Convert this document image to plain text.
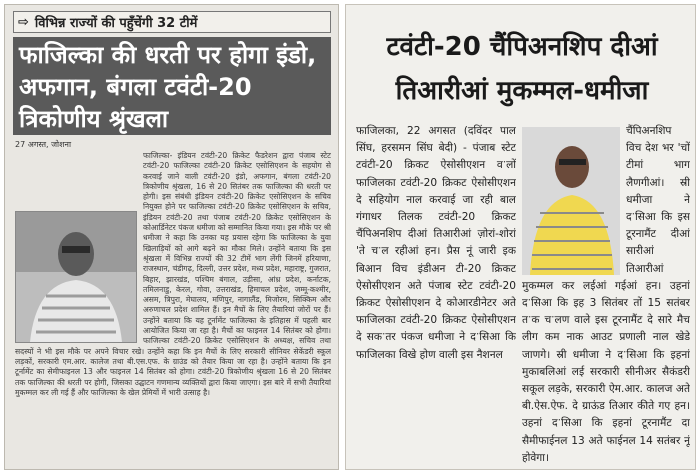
⇨ विभिन्न राज्यों की पहुँचेंगी 32 टीमें
फाजिल्का की धरती पर होगा इंडो, अफगान, बंगला टवंटी-20 त्रिकोणीय श्रृंखला
27 अगस्त, जोशना
फाजिल्का- इंडियन टवंटी-20 क्रिकेट फैडरेशन द्वारा पंजाब स्टेट टवंटी-20 फाजिल्का टवंटी-20 क्रिकेट एसोसिएशन के सहयोग से करवाई जाने वाली टवंटी-20 इंडो, अफगान, बंगला टवंटी-20 त्रिकोणीय श्रृंखला, 16 से 20 सितंबर तक फाजिल्का की धरती पर होगी। इस संबंधी इंडियन टवंटी-20 क्रिकेट एसोसिएशन के सचिव नियुक्त होने पर फाजिल्का टवंटी-20 क्रिकेट एसोसिएशन के सचिव, इंडियन टवंटी-20 तथा पंजाब टवंटी-20 क्रिकेट एसोसिएशन के कोआर्डिनेटर पंकज धमीजा को सम्मानित किया गया। इस मौके पर श्री धमीजा ने कहा कि उनका यह प्रयास रहेगा कि फाजिल्का के युवा खिलाड़ियों को आगे बढ़ने का मौका मिले। उन्होंने बताया कि इस श्रृंखला में विभिन्न राज्यों की 32 टीमें भाग लेंगी जिनमें हरियाणा, राजस्थान, चंडीगढ़, दिल्ली, उत्तर प्रदेश, मध्य प्रदेश, महाराष्ट्र, गुजरात, बिहार, झारखंड, पश्चिम बंगाल, उड़ीसा, आंध्र प्रदेश, कर्नाटक, तमिलनाडु, केरल, गोवा, उत्तराखंड, हिमाचल प्रदेश, जम्मू-कश्मीर, असम, त्रिपुरा, मेघालय, मणिपुर, नागालैंड, मिजोरम, सिक्किम और अरुणाचल प्रदेश शामिल हैं। इन मैचों के लिए तैयारियां जोरों पर हैं। उन्होंने बताया कि यह टूर्नामेंट फाजिल्का के इतिहास में पहली बार आयोजित किया जा रहा है। मैचों का फाइनल 14 सितंबर को होगा। फाजिल्का टवंटी-20 क्रिकेट एसोसिएशन के अध्यक्ष, सचिव तथा सदस्यों ने भी इस मौके पर अपने विचार रखे। उन्होंने कहा कि इन मैचों के लिए सरकारी सीनियर सेकेंडरी स्कूल लड़कों, सरकारी एम.आर. कालेज तथा बी.एस.एफ. के ग्राउंड को तैयार किया जा रहा है। उन्होंने बताया कि इन टूर्नामेंट का सेमीफाइनल 13 और फाइनल 14 सितंबर को होगा। टवंटी-20 त्रिकोणीय श्रृंखला 16 से 20 सितंबर तक फाजिल्का की धरती पर होगी, जिसका उद्घाटन गणमान्य व्यक्तियों द्वारा किया जाएगा। इस बारे में सभी तैयारियां मुकम्मल कर ली गई हैं और फाजिल्का के खेल प्रेमियों में भारी उत्साह है।
टवंटी-20 चैंपिअनशिप दीआं
तिआरीआं मुकम्मल-धमीजा
फाजिलका, 22 अगसत (दविंदर पाल सिंघ, हरसमन सिंघ बेदी) - पंजाब स्टेट टवंटी-20 क्रिकट ऐसोसीएशन वॱलों फाजिलका टवंटी-20 क्रिकट ऐसोसीएशन दे सहियोग नाल करवाई जा रही बाल गंगाधर तिलक टवंटी-20 क्रिकट चैंपिअनशिप दीआं तिआरीआं ज़ोरां-शोरां 'ते चॱल रहीआं हन। प्रैस नूं जारी इक बिआन विच इंडीअन टी-20 क्रिकट ऐसोसीएशन अते पंजाब स्टेट टवंटी-20 क्रिकट ऐसोसीएशन दे कोआरडीनेटर अते फाजिलका टवंटी-20 क्रिकट ऐसोसीएशन दे सकॱतर पंकज धमीजा ने दॱसिआ कि फाजिलका विखे होण वाली इस नैशनल
चैंपिअनशिप विच देश भर 'चों टीमां भाग लैणगीआं। स्री धमीजा ने दॱसिआ कि इस टूरनामैंट दीआं सारीआं तिआरीआं मुकम्मल कर लईआं गईआं हन। उहनां दॱसिआ कि इह 3 सितंबर तों 15 सतंबर तॱक चॱलण वाले इस टूरनामैंट दे सारे मैच लीग कम नाक आउट प्रणाली नाल खेडे जाणगे। स्री धमीजा ने दॱसिआ कि इहनां मुकाबलिआं लई सरकारी सीनीअर सैकंडरी सकूल लड़के, सरकारी ऐम.आर. कालज अते बी.ऐस.ऐफ. दे ग्राऊंड तिआर कीते गए हन। उहनां दॱसिआ कि इहनां टूरनामैंट दा सैमीफाईनल 13 अते फाईनल 14 सतंबर नूं होवेगा।
